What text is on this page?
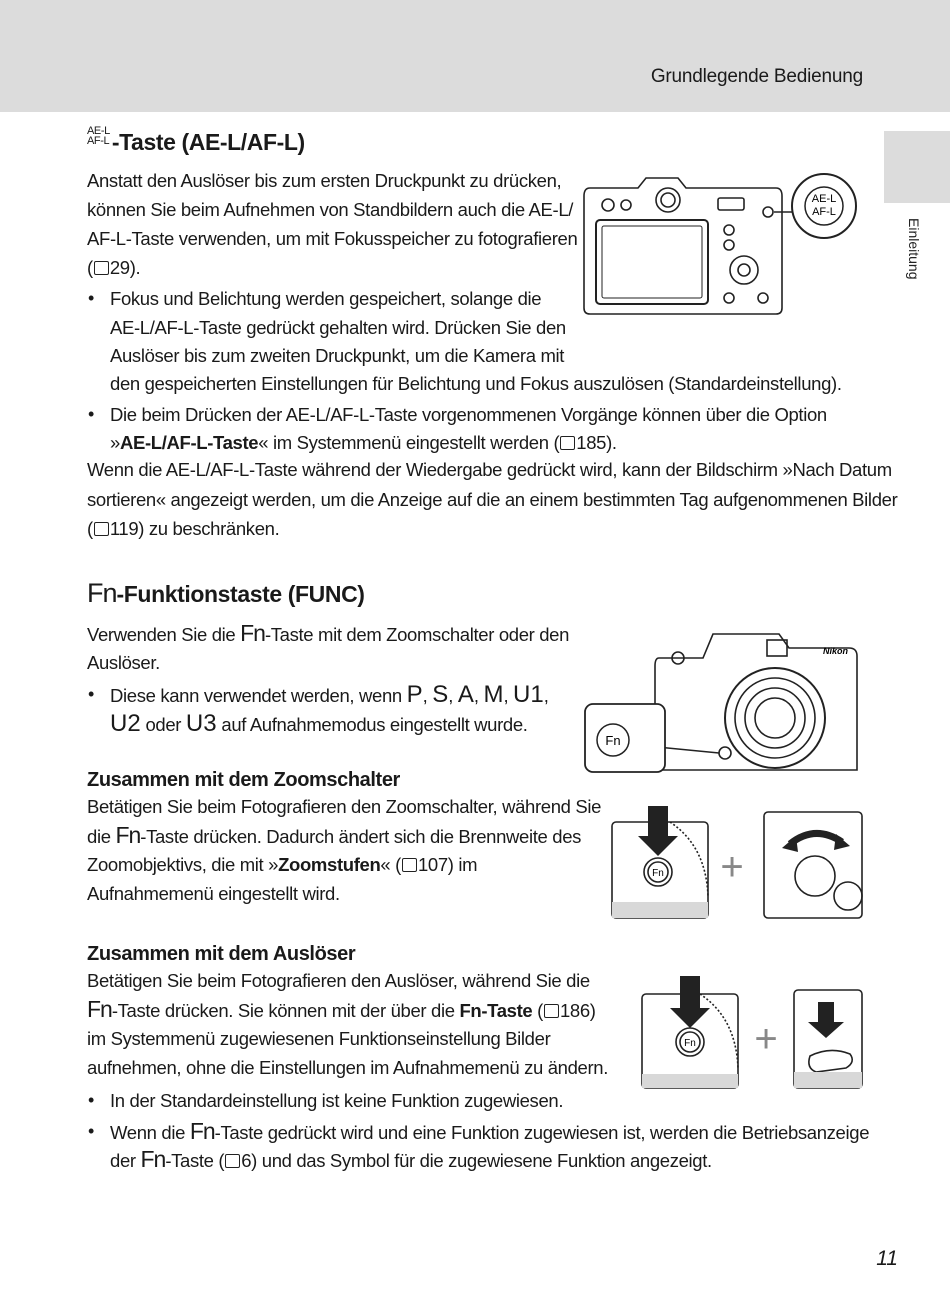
Grundlegende Bedienung
Einleitung
AE-L
AF-L -Taste (AE-L/AF-L)
Anstatt den Auslöser bis zum ersten Druckpunkt zu drücken,
können Sie beim Aufnehmen von Standbildern auch die AE-L/
AF-L-Taste verwenden, um mit Fokusspeicher zu fotografieren
( 29).
• Fokus und Belichtung werden gespeichert, solange die
AE-L/AF-L-Taste gedrückt gehalten wird. Drücken Sie den
Auslöser bis zum zweiten Druckpunkt, um die Kamera mit
den gespeicherten Einstellungen für Belichtung und Fokus auszulösen (Standardeinstellung).
• Die beim Drücken der AE-L/AF-L-Taste vorgenommenen Vorgänge können über die Option
»AE-L/AF-L-Taste« im Systemmenü eingestellt werden ( 185).
Wenn die AE-L/AF-L-Taste während der Wiedergabe gedrückt wird, kann der Bildschirm »Nach Datum
sortieren« angezeigt werden, um die Anzeige auf die an einem bestimmten Tag aufgenommenen Bilder
( 119) zu beschränken.
AE-L
AF-L
Fn-Funktionstaste (FUNC)
Verwenden Sie die Fn-Taste mit dem Zoomschalter oder den
Auslöser.
• Diese kann verwendet werden, wenn P, S, A, M, U1,
U2 oder U3 auf Aufnahmemodus eingestellt wurde.
Nikon
Fn
Zusammen mit dem Zoomschalter
Betätigen Sie beim Fotografieren den Zoomschalter, während Sie
die Fn-Taste drücken. Dadurch ändert sich die Brennweite des
Zoomobjektivs, die mit »Zoomstufen« ( 107) im
Aufnahmemenü eingestellt wird.
Fn +
Zusammen mit dem Auslöser
Betätigen Sie beim Fotografieren den Auslöser, während Sie die
Fn-Taste drücken. Sie können mit der über die Fn-Taste ( 186)
im Systemmenü zugewiesenen Funktionseinstellung Bilder
aufnehmen, ohne die Einstellungen im Aufnahmemenü zu ändern.
Fn +
• In der Standardeinstellung ist keine Funktion zugewiesen.
• Wenn die Fn-Taste gedrückt wird und eine Funktion zugewiesen ist, werden die Betriebsanzeige
der Fn-Taste ( 6) und das Symbol für die zugewiesene Funktion angezeigt.
11
